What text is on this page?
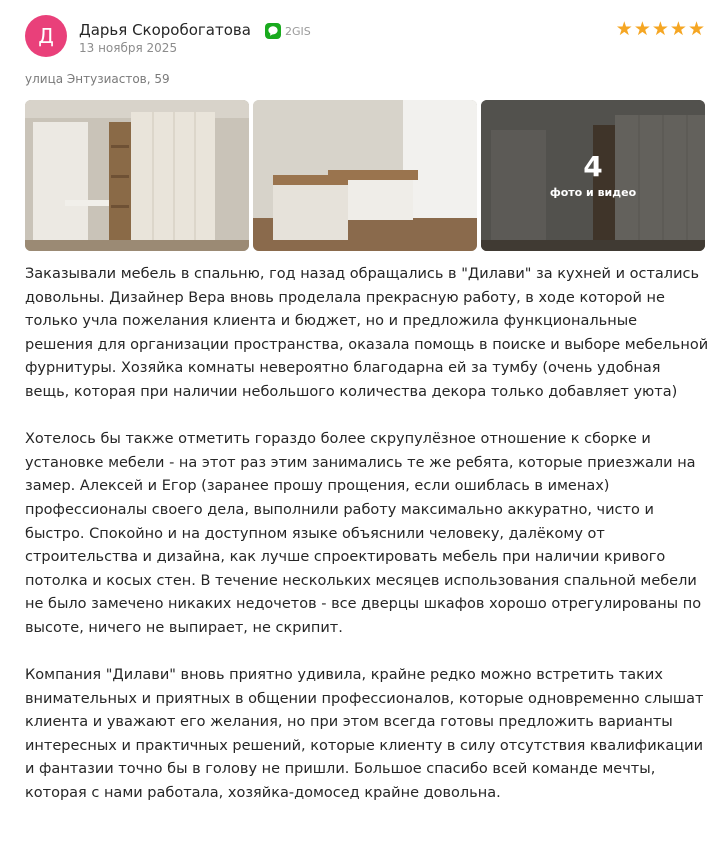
Д	Дарья Скоробогатова	2GIS
13 ноября 2025
★ ★ ★ ★ ★
улица Энтузиастов, 59
4
фото и видео

Заказывали мебель в спальню, год назад обращались в "Дилави" за кухней и остались довольны. Дизайнер Вера вновь проделала прекрасную работу, в ходе которой не только учла пожелания клиента и бюджет, но и предложила функциональные решения для организации пространства, оказала помощь в поиске и выборе мебельной фурнитуры. Хозяйка комнаты невероятно благодарна ей за тумбу (очень удобная вещь, которая при наличии небольшого количества декора только добавляет уюта)

Хотелось бы также отметить гораздо более скрупулёзное отношение к сборке и установке мебели - на этот раз этим занимались те же ребята, которые приезжали на замер. Алексей и Егор (заранее прошу прощения, если ошиблась в именах) профессионалы своего дела, выполнили работу максимально аккуратно, чисто и быстро. Спокойно и на доступном языке объяснили человеку, далёкому от строительства и дизайна, как лучше спроектировать мебель при наличии кривого потолка и косых стен. В течение нескольких месяцев использования спальной мебели не было замечено никаких недочетов - все дверцы шкафов хорошо отрегулированы по высоте, ничего не выпирает, не скрипит.

Компания "Дилави" вновь приятно удивила, крайне редко можно встретить таких внимательных и приятных в общении профессионалов, которые одновременно слышат клиента и уважают его желания, но при этом всегда готовы предложить варианты интересных и практичных решений, которые клиенту в силу отсутствия квалификации и фантазии точно бы в голову не пришли. Большое спасибо всей команде мечты, которая с нами работала, хозяйка-домосед крайне довольна.
